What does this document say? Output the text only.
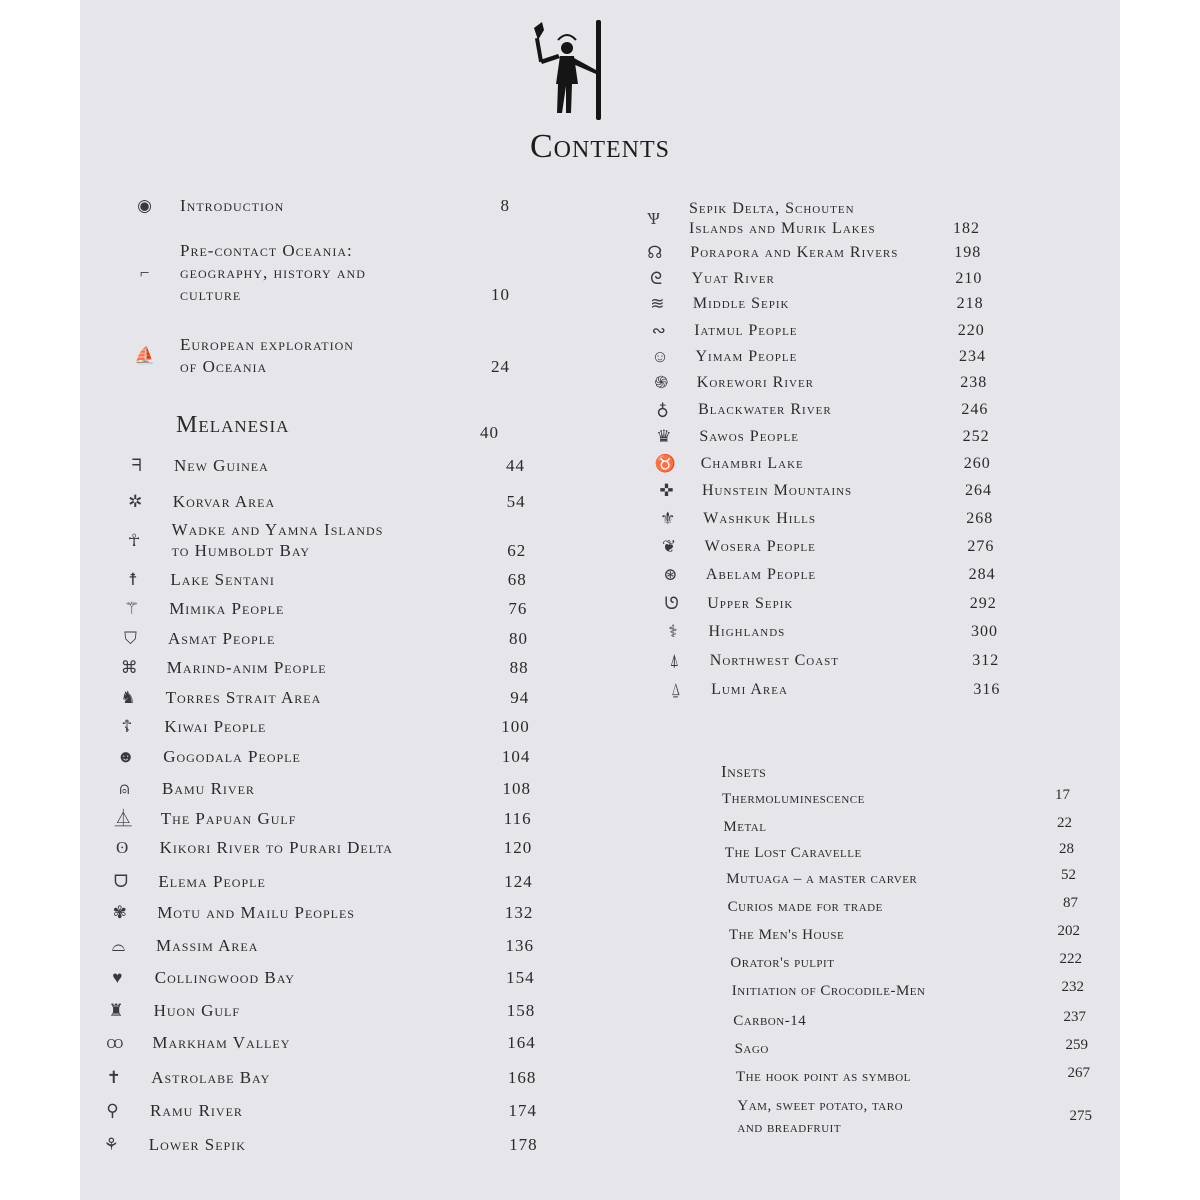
Contents
◉ Introduction	8
⌐
Pre-contact Oceania:
geography, history and
culture	10
⛵
European exploration
of Oceania	24
Melanesia	40
ᖷ	New Guinea	44
✲ Korvar Area	54
☥
Wadke and Yamna Islands
to Humboldt Bay	62
☨	Lake Sentani	68
⚚ Mimika People	76
⛉ Asmat People	80
⌘ Marind-anim People	88
♞ Torres Strait Area	94
☦ Kiwai People	100
☻ Gogodala People	104
⍝	Bamu River	108
⏅ The Papuan Gulf	116
ʘ Kikori River to Purari Delta	120
ᗜ Elema People	124
✾ Motu and Mailu Peoples	132
⌓ Massim Area	136
♥	Collingwood Bay	154
♜ Huon Gulf	158
ꝏ Markham Valley	164
✝ Astrolabe Bay	168
⚲ Ramu River	174
⚘ Lower Sepik	178
Ѱ
Sepik Delta, Schouten
Islands and Murik Lakes	182
☊ Porapora and Keram Rivers	198
ᘓ Yuat River	210
≋ Middle Sepik	218
∾ Iatmul People	220
☺ Yimam People	234
֍ Korewori River	238
♁ Blackwater River	246
♛ Sawos People	252
♉ Chambri Lake	260
✜ Hunstein Mountains	264
⚜ Washkuk Hills	268
❦ Wosera People	276
⊛ Abelam People	284
ᘎ Upper Sepik	292
⚕	Highlands	300
⍋	Northwest Coast	312
⍙	Lumi Area	316
Insets
Thermoluminescence	17
Metal	22
The Lost Caravelle	28
Mutuaga – a master carver	52
Curios made for trade	87
The Men's House	202
Orator's pulpit	222
Initiation of Crocodile-Men	232
Carbon-14	237
Sago	259
The hook point as symbol	267
Yam, sweet potato, taro
and breadfruit
275
